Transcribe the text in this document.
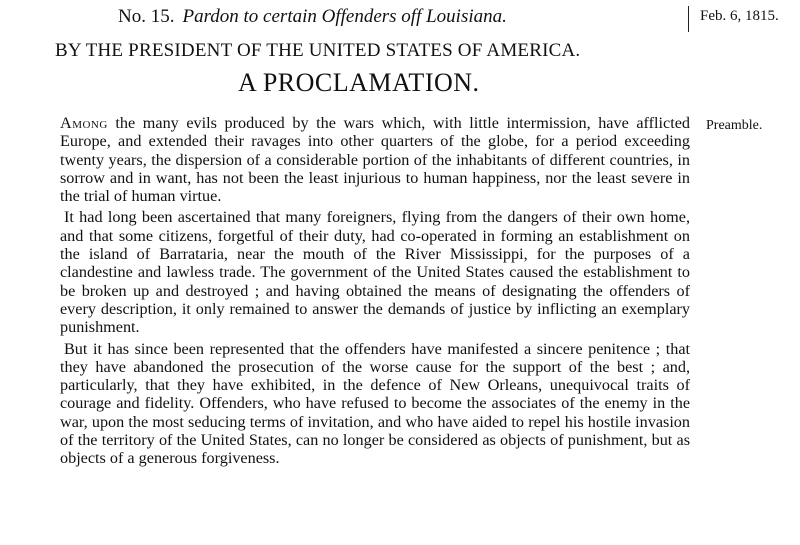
No. 15. Pardon to certain Offenders off Louisiana.	Feb. 6, 1815.
BY THE PRESIDENT OF THE UNITED STATES OF AMERICA.
A PROCLAMATION.
Preamble.

Among the many evils produced by the wars which, with little intermission, have afflicted Europe, and extended their ravages into other quarters of the globe, for a period exceeding twenty years, the dispersion of a considerable portion of the inhabitants of different countries, in sorrow and in want, has not been the least injurious to human happiness, nor the least severe in the trial of human virtue.

It had long been ascertained that many foreigners, flying from the dangers of their own home, and that some citizens, forgetful of their duty, had co-operated in forming an establishment on the island of Barrataria, near the mouth of the River Mississippi, for the purposes of a clandestine and lawless trade. The government of the United States caused the establishment to be broken up and destroyed ; and having obtained the means of designating the offenders of every description, it only remained to answer the demands of justice by inflicting an exemplary punishment.

But it has since been represented that the offenders have manifested a sincere penitence ; that they have abandoned the prosecution of the worse cause for the support of the best ; and, particularly, that they have exhibited, in the defence of New Orleans, unequivocal traits of courage and fidelity. Offenders, who have refused to become the associates of the enemy in the war, upon the most seducing terms of invitation, and who have aided to repel his hostile invasion of the territory of the United States, can no longer be considered as objects of punishment, but as objects of a generous forgiveness.
